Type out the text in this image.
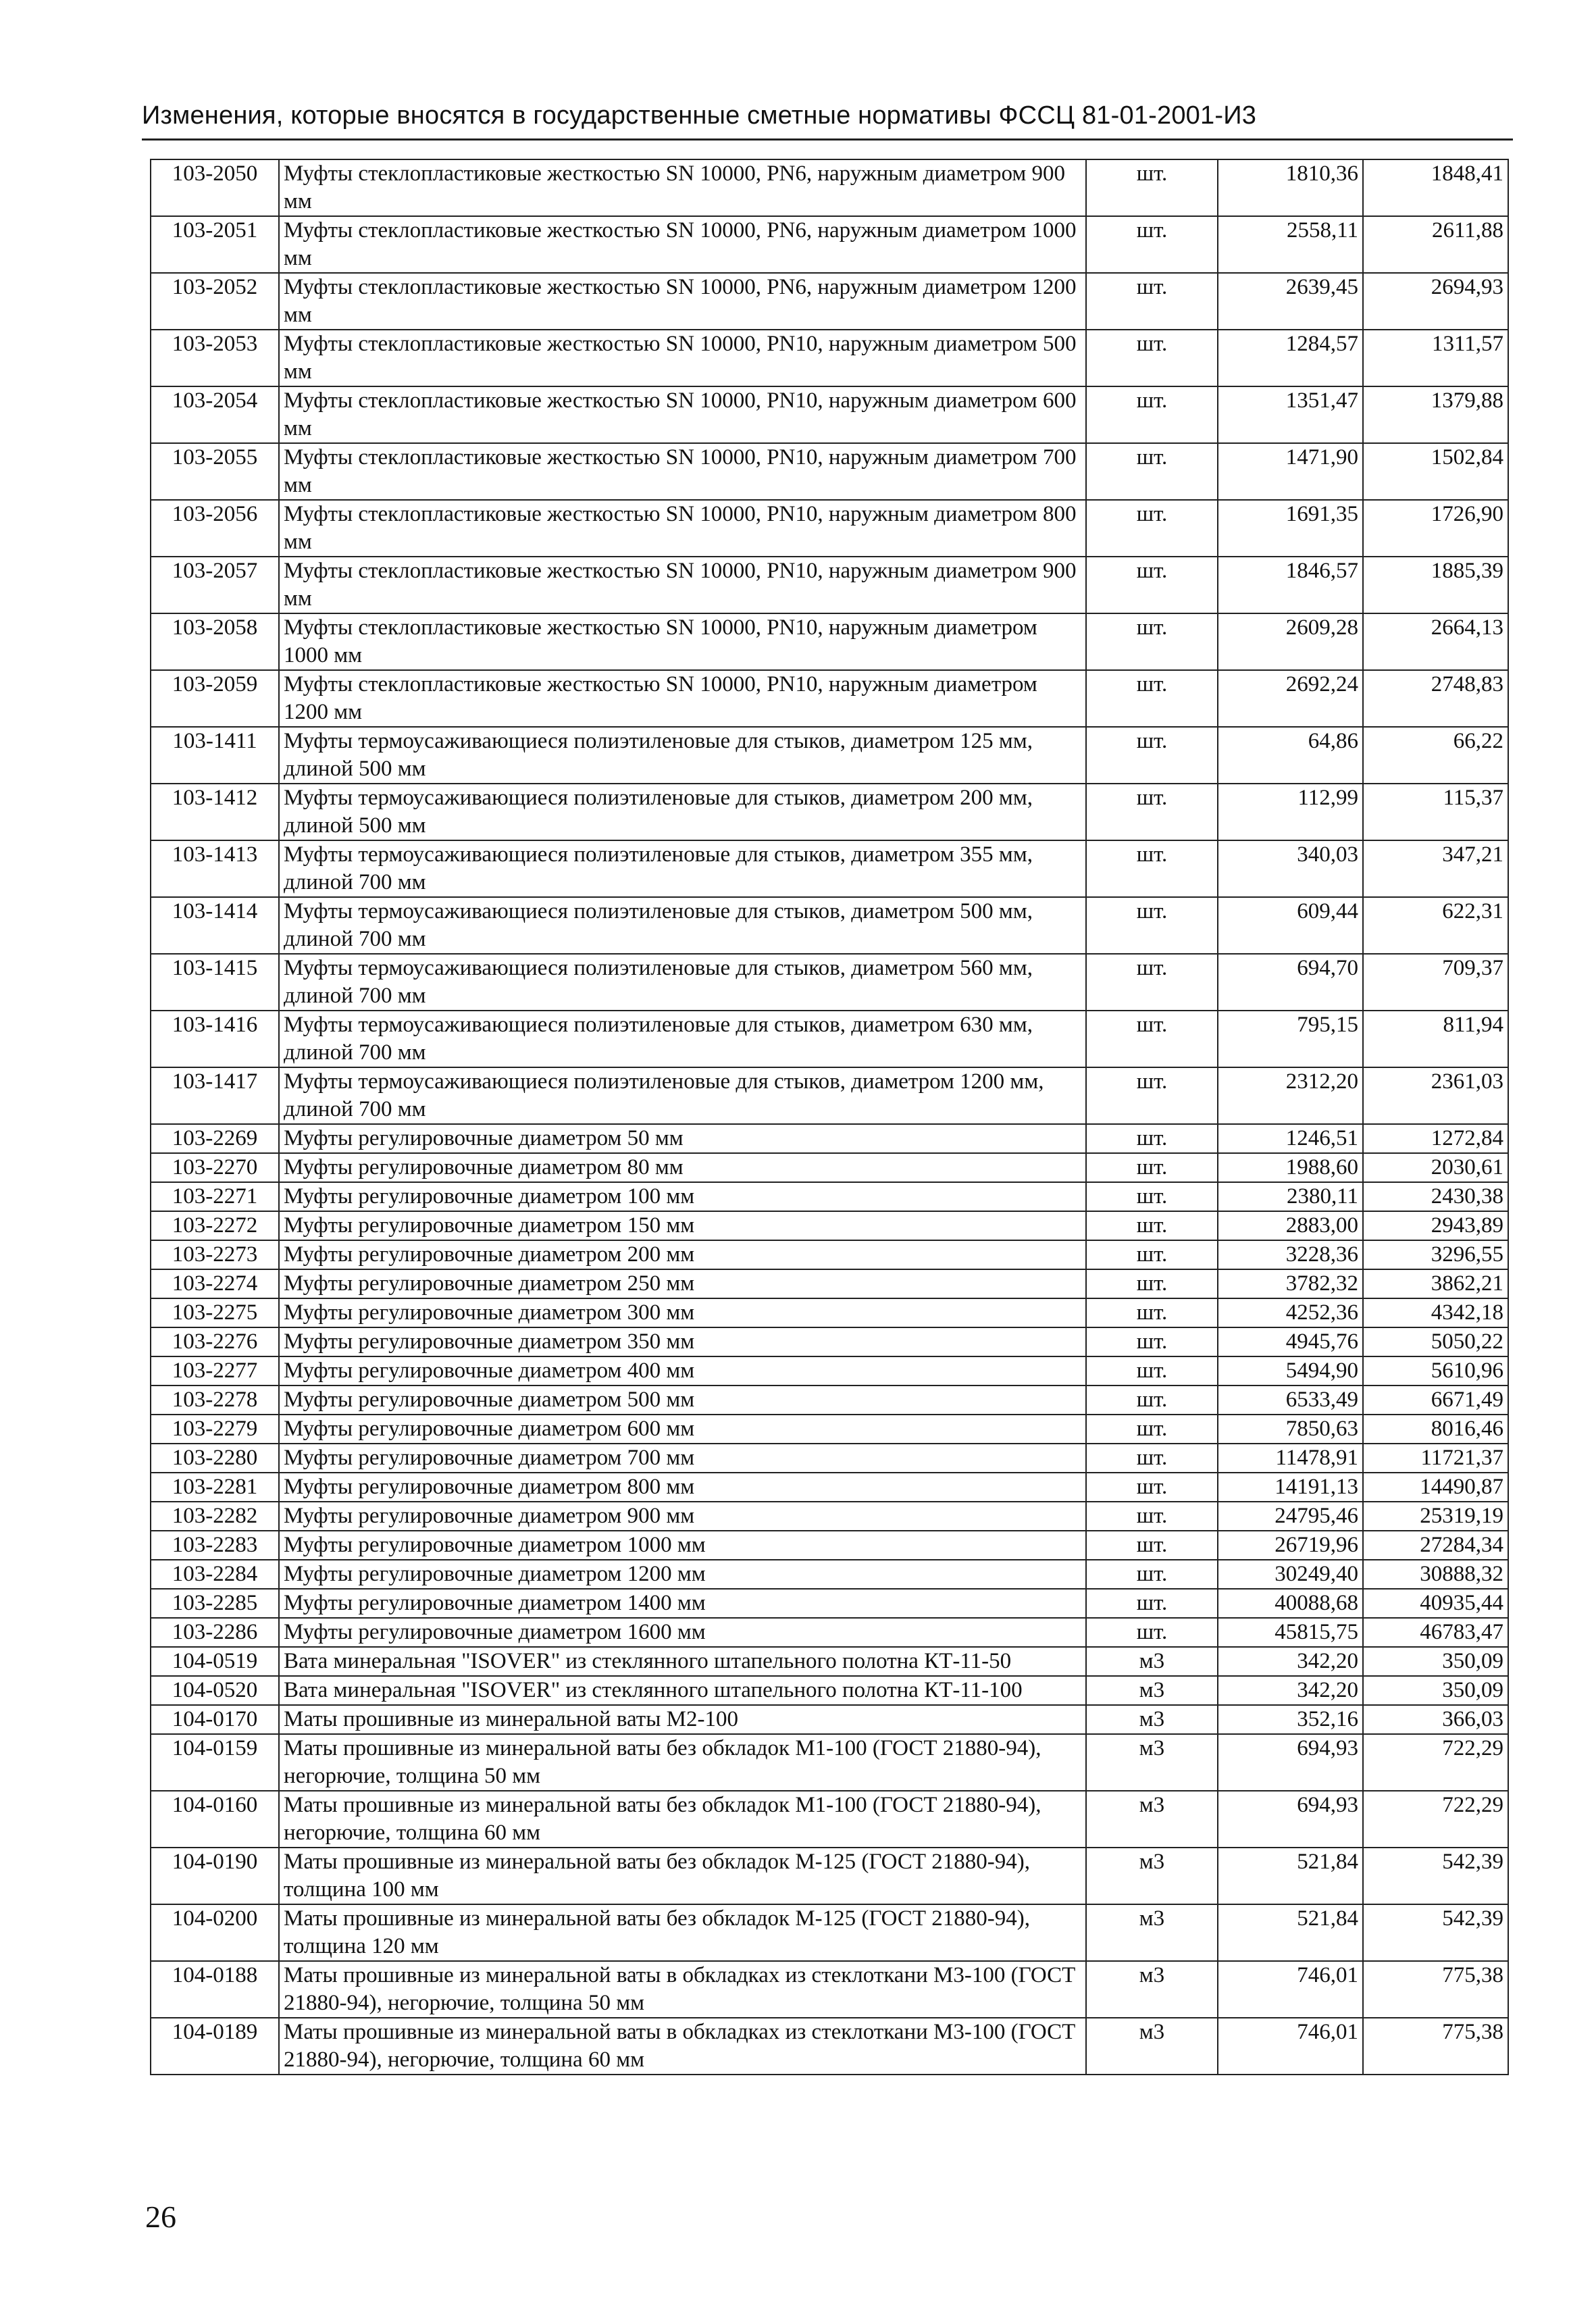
Изменения, которые вносятся в государственные сметные нормативы ФССЦ 81-01-2001-И3
103-2050	Муфты стеклопластиковые жесткостью SN 10000, PN6, наружным диаметром 900 мм	шт.	1810,36	1848,41
103-2051	Муфты стеклопластиковые жесткостью SN 10000, PN6, наружным диаметром 1000 мм	шт.	2558,11	2611,88
103-2052	Муфты стеклопластиковые жесткостью SN 10000, PN6, наружным диаметром 1200 мм	шт.	2639,45	2694,93
103-2053	Муфты стеклопластиковые жесткостью SN 10000, PN10, наружным диаметром 500 мм	шт.	1284,57	1311,57
103-2054	Муфты стеклопластиковые жесткостью SN 10000, PN10, наружным диаметром 600 мм	шт.	1351,47	1379,88
103-2055	Муфты стеклопластиковые жесткостью SN 10000, PN10, наружным диаметром 700 мм	шт.	1471,90	1502,84
103-2056	Муфты стеклопластиковые жесткостью SN 10000, PN10, наружным диаметром 800 мм	шт.	1691,35	1726,90
103-2057	Муфты стеклопластиковые жесткостью SN 10000, PN10, наружным диаметром 900 мм	шт.	1846,57	1885,39
103-2058	Муфты стеклопластиковые жесткостью SN 10000, PN10, наружным диаметром 1000 мм	шт.	2609,28	2664,13
103-2059	Муфты стеклопластиковые жесткостью SN 10000, PN10, наружным диаметром 1200 мм	шт.	2692,24	2748,83
103-1411	Муфты термоусаживающиеся полиэтиленовые для стыков, диаметром 125 мм, длиной 500 мм	шт.	64,86	66,22
103-1412	Муфты термоусаживающиеся полиэтиленовые для стыков, диаметром 200 мм, длиной 500 мм	шт.	112,99	115,37
103-1413	Муфты термоусаживающиеся полиэтиленовые для стыков, диаметром 355 мм, длиной 700 мм	шт.	340,03	347,21
103-1414	Муфты термоусаживающиеся полиэтиленовые для стыков, диаметром 500 мм, длиной 700 мм	шт.	609,44	622,31
103-1415	Муфты термоусаживающиеся полиэтиленовые для стыков, диаметром 560 мм, длиной 700 мм	шт.	694,70	709,37
103-1416	Муфты термоусаживающиеся полиэтиленовые для стыков, диаметром 630 мм, длиной 700 мм	шт.	795,15	811,94
103-1417	Муфты термоусаживающиеся полиэтиленовые для стыков, диаметром 1200 мм, длиной 700 мм	шт.	2312,20	2361,03
103-2269	Муфты регулировочные диаметром 50 мм	шт.	1246,51	1272,84
103-2270	Муфты регулировочные диаметром 80 мм	шт.	1988,60	2030,61
103-2271	Муфты регулировочные диаметром 100 мм	шт.	2380,11	2430,38
103-2272	Муфты регулировочные диаметром 150 мм	шт.	2883,00	2943,89
103-2273	Муфты регулировочные диаметром 200 мм	шт.	3228,36	3296,55
103-2274	Муфты регулировочные диаметром 250 мм	шт.	3782,32	3862,21
103-2275	Муфты регулировочные диаметром 300 мм	шт.	4252,36	4342,18
103-2276	Муфты регулировочные диаметром 350 мм	шт.	4945,76	5050,22
103-2277	Муфты регулировочные диаметром 400 мм	шт.	5494,90	5610,96
103-2278	Муфты регулировочные диаметром 500 мм	шт.	6533,49	6671,49
103-2279	Муфты регулировочные диаметром 600 мм	шт.	7850,63	8016,46
103-2280	Муфты регулировочные диаметром 700 мм	шт.	11478,91	11721,37
103-2281	Муфты регулировочные диаметром 800 мм	шт.	14191,13	14490,87
103-2282	Муфты регулировочные диаметром 900 мм	шт.	24795,46	25319,19
103-2283	Муфты регулировочные диаметром 1000 мм	шт.	26719,96	27284,34
103-2284	Муфты регулировочные диаметром 1200 мм	шт.	30249,40	30888,32
103-2285	Муфты регулировочные диаметром 1400 мм	шт.	40088,68	40935,44
103-2286	Муфты регулировочные диаметром 1600 мм	шт.	45815,75	46783,47
104-0519	Вата минеральная "ISOVER" из стеклянного штапельного полотна КТ-11-50	м3	342,20	350,09
104-0520	Вата минеральная "ISOVER" из стеклянного штапельного полотна КТ-11-100	м3	342,20	350,09
104-0170	Маты прошивные из минеральной ваты М2-100	м3	352,16	366,03
104-0159	Маты прошивные из минеральной ваты без обкладок М1-100 (ГОСТ 21880-94), негорючие, толщина 50 мм	м3	694,93	722,29
104-0160	Маты прошивные из минеральной ваты без обкладок М1-100 (ГОСТ 21880-94), негорючие, толщина 60 мм	м3	694,93	722,29
104-0190	Маты прошивные из минеральной ваты без обкладок М-125 (ГОСТ 21880-94), толщина 100 мм	м3	521,84	542,39
104-0200	Маты прошивные из минеральной ваты без обкладок М-125 (ГОСТ 21880-94), толщина 120 мм	м3	521,84	542,39
104-0188	Маты прошивные из минеральной ваты в обкладках из стеклоткани М3-100 (ГОСТ 21880-94), негорючие, толщина 50 мм	м3	746,01	775,38
104-0189	Маты прошивные из минеральной ваты в обкладках из стеклоткани М3-100 (ГОСТ 21880-94), негорючие, толщина 60 мм	м3	746,01	775,38
26
